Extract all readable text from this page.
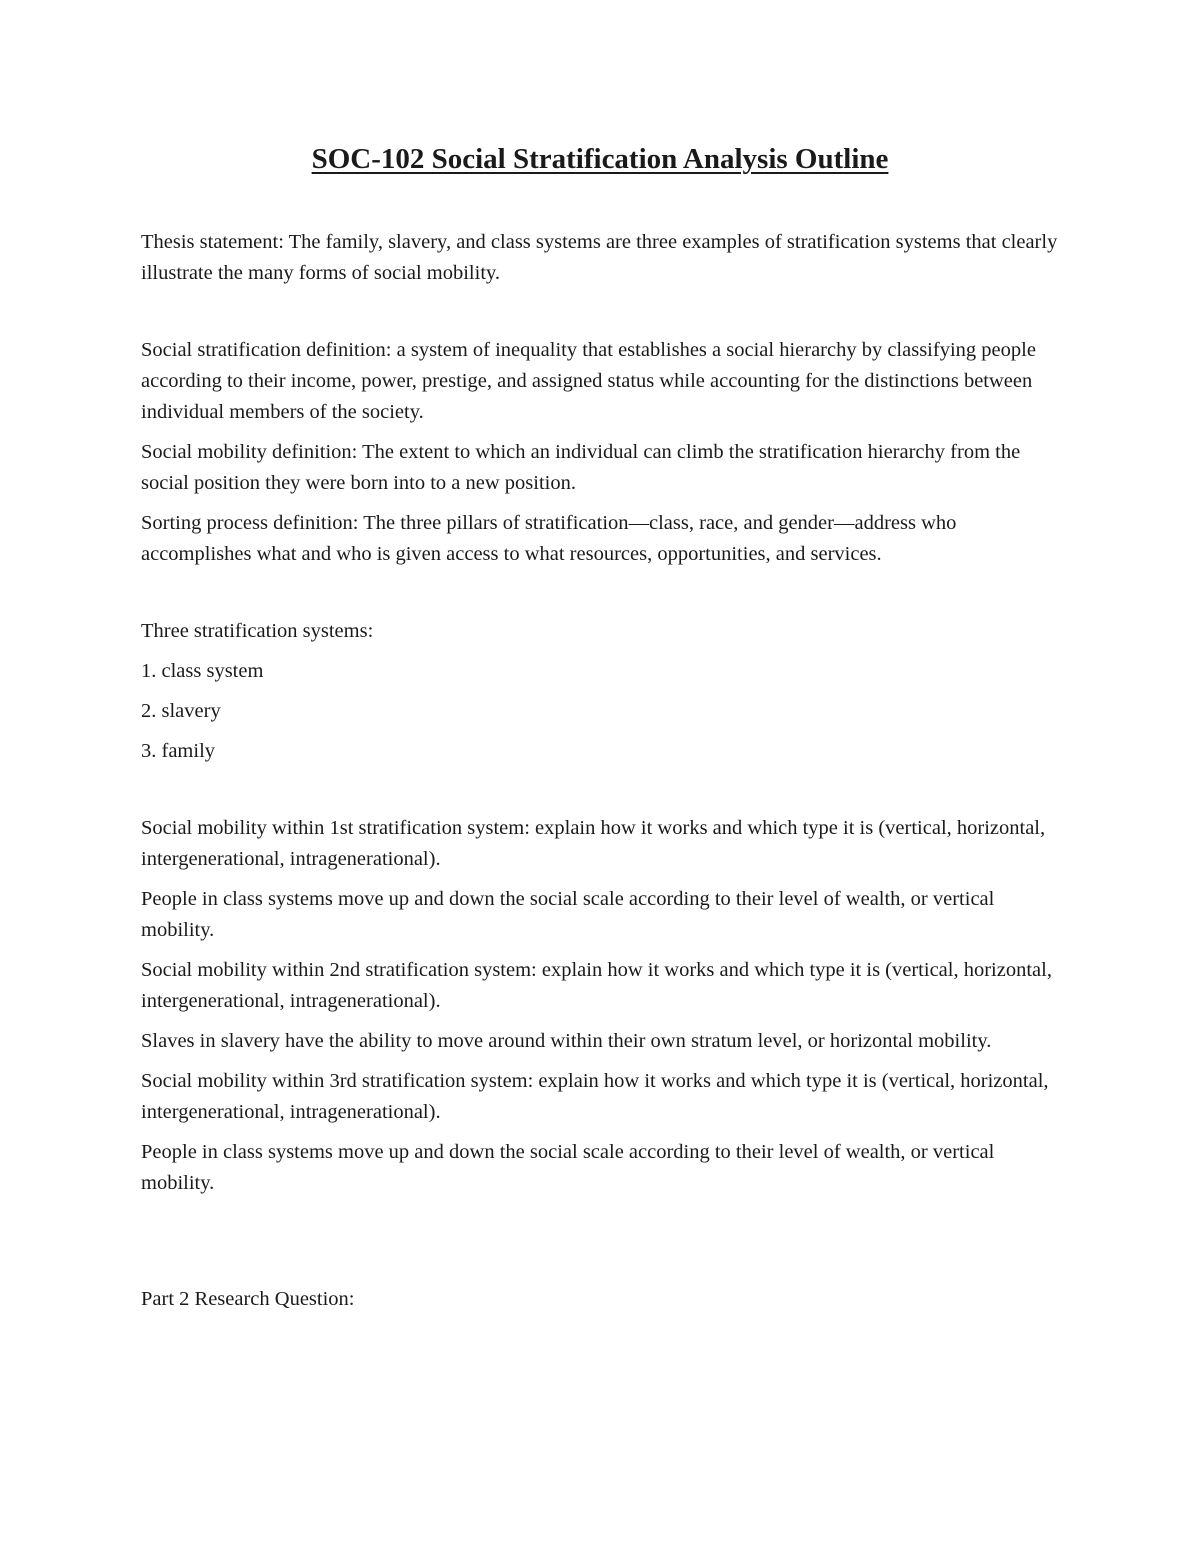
SOC-102 Social Stratification Analysis Outline

Thesis statement: The family, slavery, and class systems are three examples of stratification systems that clearly illustrate the many forms of social mobility.

Social stratification definition: a system of inequality that establishes a social hierarchy by classifying people according to their income, power, prestige, and assigned status while accounting for the distinctions between individual members of the society.

Social mobility definition: The extent to which an individual can climb the stratification hierarchy from the social position they were born into to a new position.

Sorting process definition: The three pillars of stratification—class, race, and gender—address who accomplishes what and who is given access to what resources, opportunities, and services.

Three stratification systems:

1. class system

2. slavery

3. family

Social mobility within 1st stratification system: explain how it works and which type it is (vertical, horizontal, intergenerational, intragenerational).

People in class systems move up and down the social scale according to their level of wealth, or vertical mobility.

Social mobility within 2nd stratification system: explain how it works and which type it is (vertical, horizontal, intergenerational, intragenerational).

Slaves in slavery have the ability to move around within their own stratum level, or horizontal mobility.

Social mobility within 3rd stratification system: explain how it works and which type it is (vertical, horizontal, intergenerational, intragenerational).

People in class systems move up and down the social scale according to their level of wealth, or vertical mobility.

Part 2 Research Question:
